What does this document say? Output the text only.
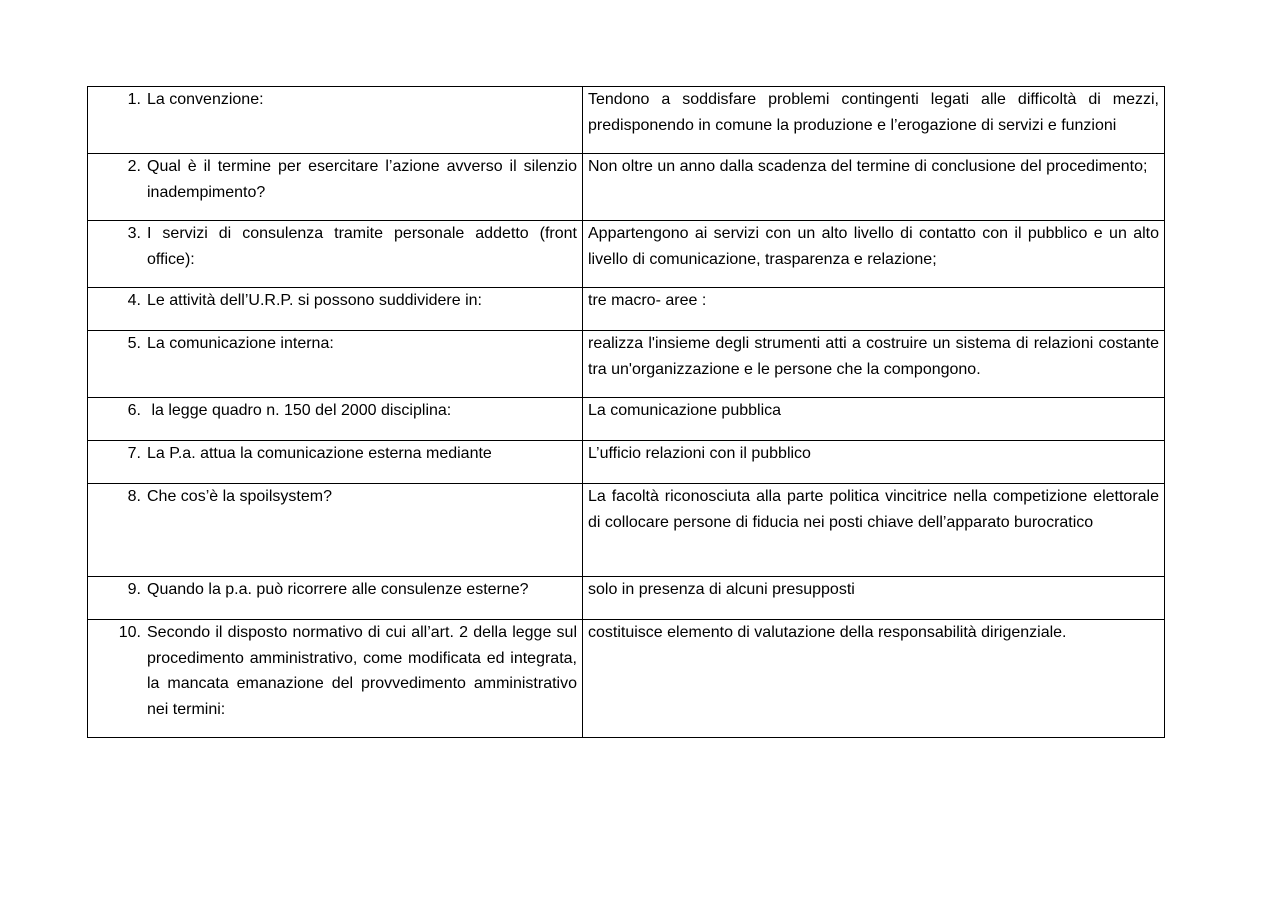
1. La convenzione:	Tendono a soddisfare problemi contingenti legati alle difficoltà di mezzi, predisponendo in comune la produzione e l’erogazione di servizi e funzioni

2. Qual è il termine per esercitare l’azione avverso il silenzio inadempimento?	Non oltre un anno dalla scadenza del termine di conclusione del procedimento;

3. I servizi di consulenza tramite personale addetto (front office):	Appartengono ai servizi con un alto livello di contatto con il pubblico e un alto livello di comunicazione, trasparenza e relazione;

4. Le attività dell’U.R.P. si possono suddividere in:	tre macro- aree :

5. La comunicazione interna:	realizza l'insieme degli strumenti atti a costruire un sistema di relazioni costante tra un'organizzazione e le persone che la compongono.

6. la legge quadro n. 150 del 2000 disciplina:	La comunicazione pubblica

7. La P.a. attua la comunicazione esterna mediante	L’ufficio relazioni con il pubblico

8. Che cos’è la spoilsystem?	La facoltà riconosciuta alla parte politica vincitrice nella competizione elettorale di collocare persone di fiducia nei posti chiave dell’apparato burocratico

9. Quando la p.a. può ricorrere alle consulenze esterne?	solo in presenza di alcuni presupposti

10. Secondo il disposto normativo di cui all’art. 2 della legge sul procedimento amministrativo, come modificata ed integrata, la mancata emanazione del provvedimento amministrativo nei termini:	costituisce elemento di valutazione della responsabilità dirigenziale.
